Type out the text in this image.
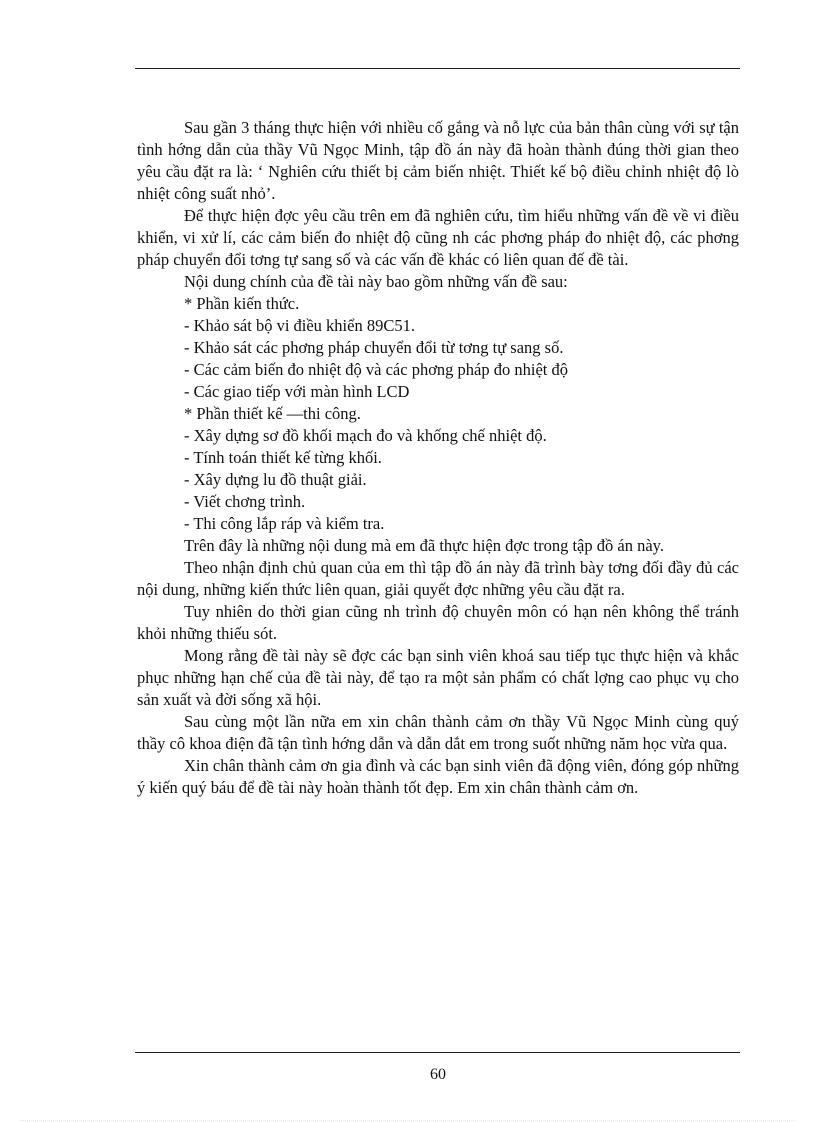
Sau gần 3 tháng thực hiện với nhiều cố gắng và nỗ lực của bản thân cùng với sự tận tình hớng dẫn của thầy Vũ Ngọc Minh, tập đồ án này đã hoàn thành đúng thời gian theo yêu cầu đặt ra là: ‘ Nghiên cứu thiết bị cảm biến nhiệt. Thiết kế bộ điều chỉnh nhiệt độ lò nhiệt công suất nhỏ’.

Để thực hiện đợc yêu cầu trên em đã nghiên cứu, tìm hiểu những vấn đề về vi điều khiển, vi xử lí, các cảm biến đo nhiệt độ cũng nh các phơng pháp đo nhiệt độ, các phơng pháp chuyển đổi tơng tự sang số và các vấn đề khác có liên quan đế đề tài.

Nội dung chính của đề tài này bao gồm những vấn đề sau:

* Phần kiến thức.

- Khảo sát bộ vi điều khiển 89C51.

- Khảo sát các phơng pháp chuyển đổi từ tơng tự sang số.

- Các cảm biến đo nhiệt độ và các phơng pháp đo nhiệt độ

- Các giao tiếp với màn hình LCD

* Phần thiết kế —thi công.

- Xây dựng sơ đồ khối mạch đo và khống chế nhiệt độ.

- Tính toán thiết kế từng khối.

- Xây dựng lu đồ thuật giải.

- Viết chơng trình.

- Thi công lắp ráp và kiểm tra.

Trên đây là những nội dung mà em đã thực hiện đợc trong tập đồ án này.

Theo nhận định chủ quan của em thì tập đồ án này đã trình bày tơng đối đầy đủ các nội dung, những kiến thức liên quan, giải quyết đợc những yêu cầu đặt ra.

Tuy nhiên do thời gian cũng nh trình độ chuyên môn có hạn nên không thể tránh khỏi những thiếu sót.

Mong rằng đề tài này sẽ đợc các bạn sinh viên khoá sau tiếp tục thực hiện và khắc phục những hạn chế của đề tài này, để tạo ra một sản phẩm có chất lợng cao phục vụ cho sản xuất và đời sống xã hội.

Sau cùng một lần nữa em xin chân thành cảm ơn thầy Vũ Ngọc Minh cùng quý thầy cô khoa điện đã tận tình hớng dẫn và dẫn dắt em trong suốt những năm học vừa qua.

Xin chân thành cảm ơn gia đình và các bạn sinh viên đã động viên, đóng góp những ý kiến quý báu để đề tài này hoàn thành tốt đẹp. Em xin chân thành cảm ơn.

60
